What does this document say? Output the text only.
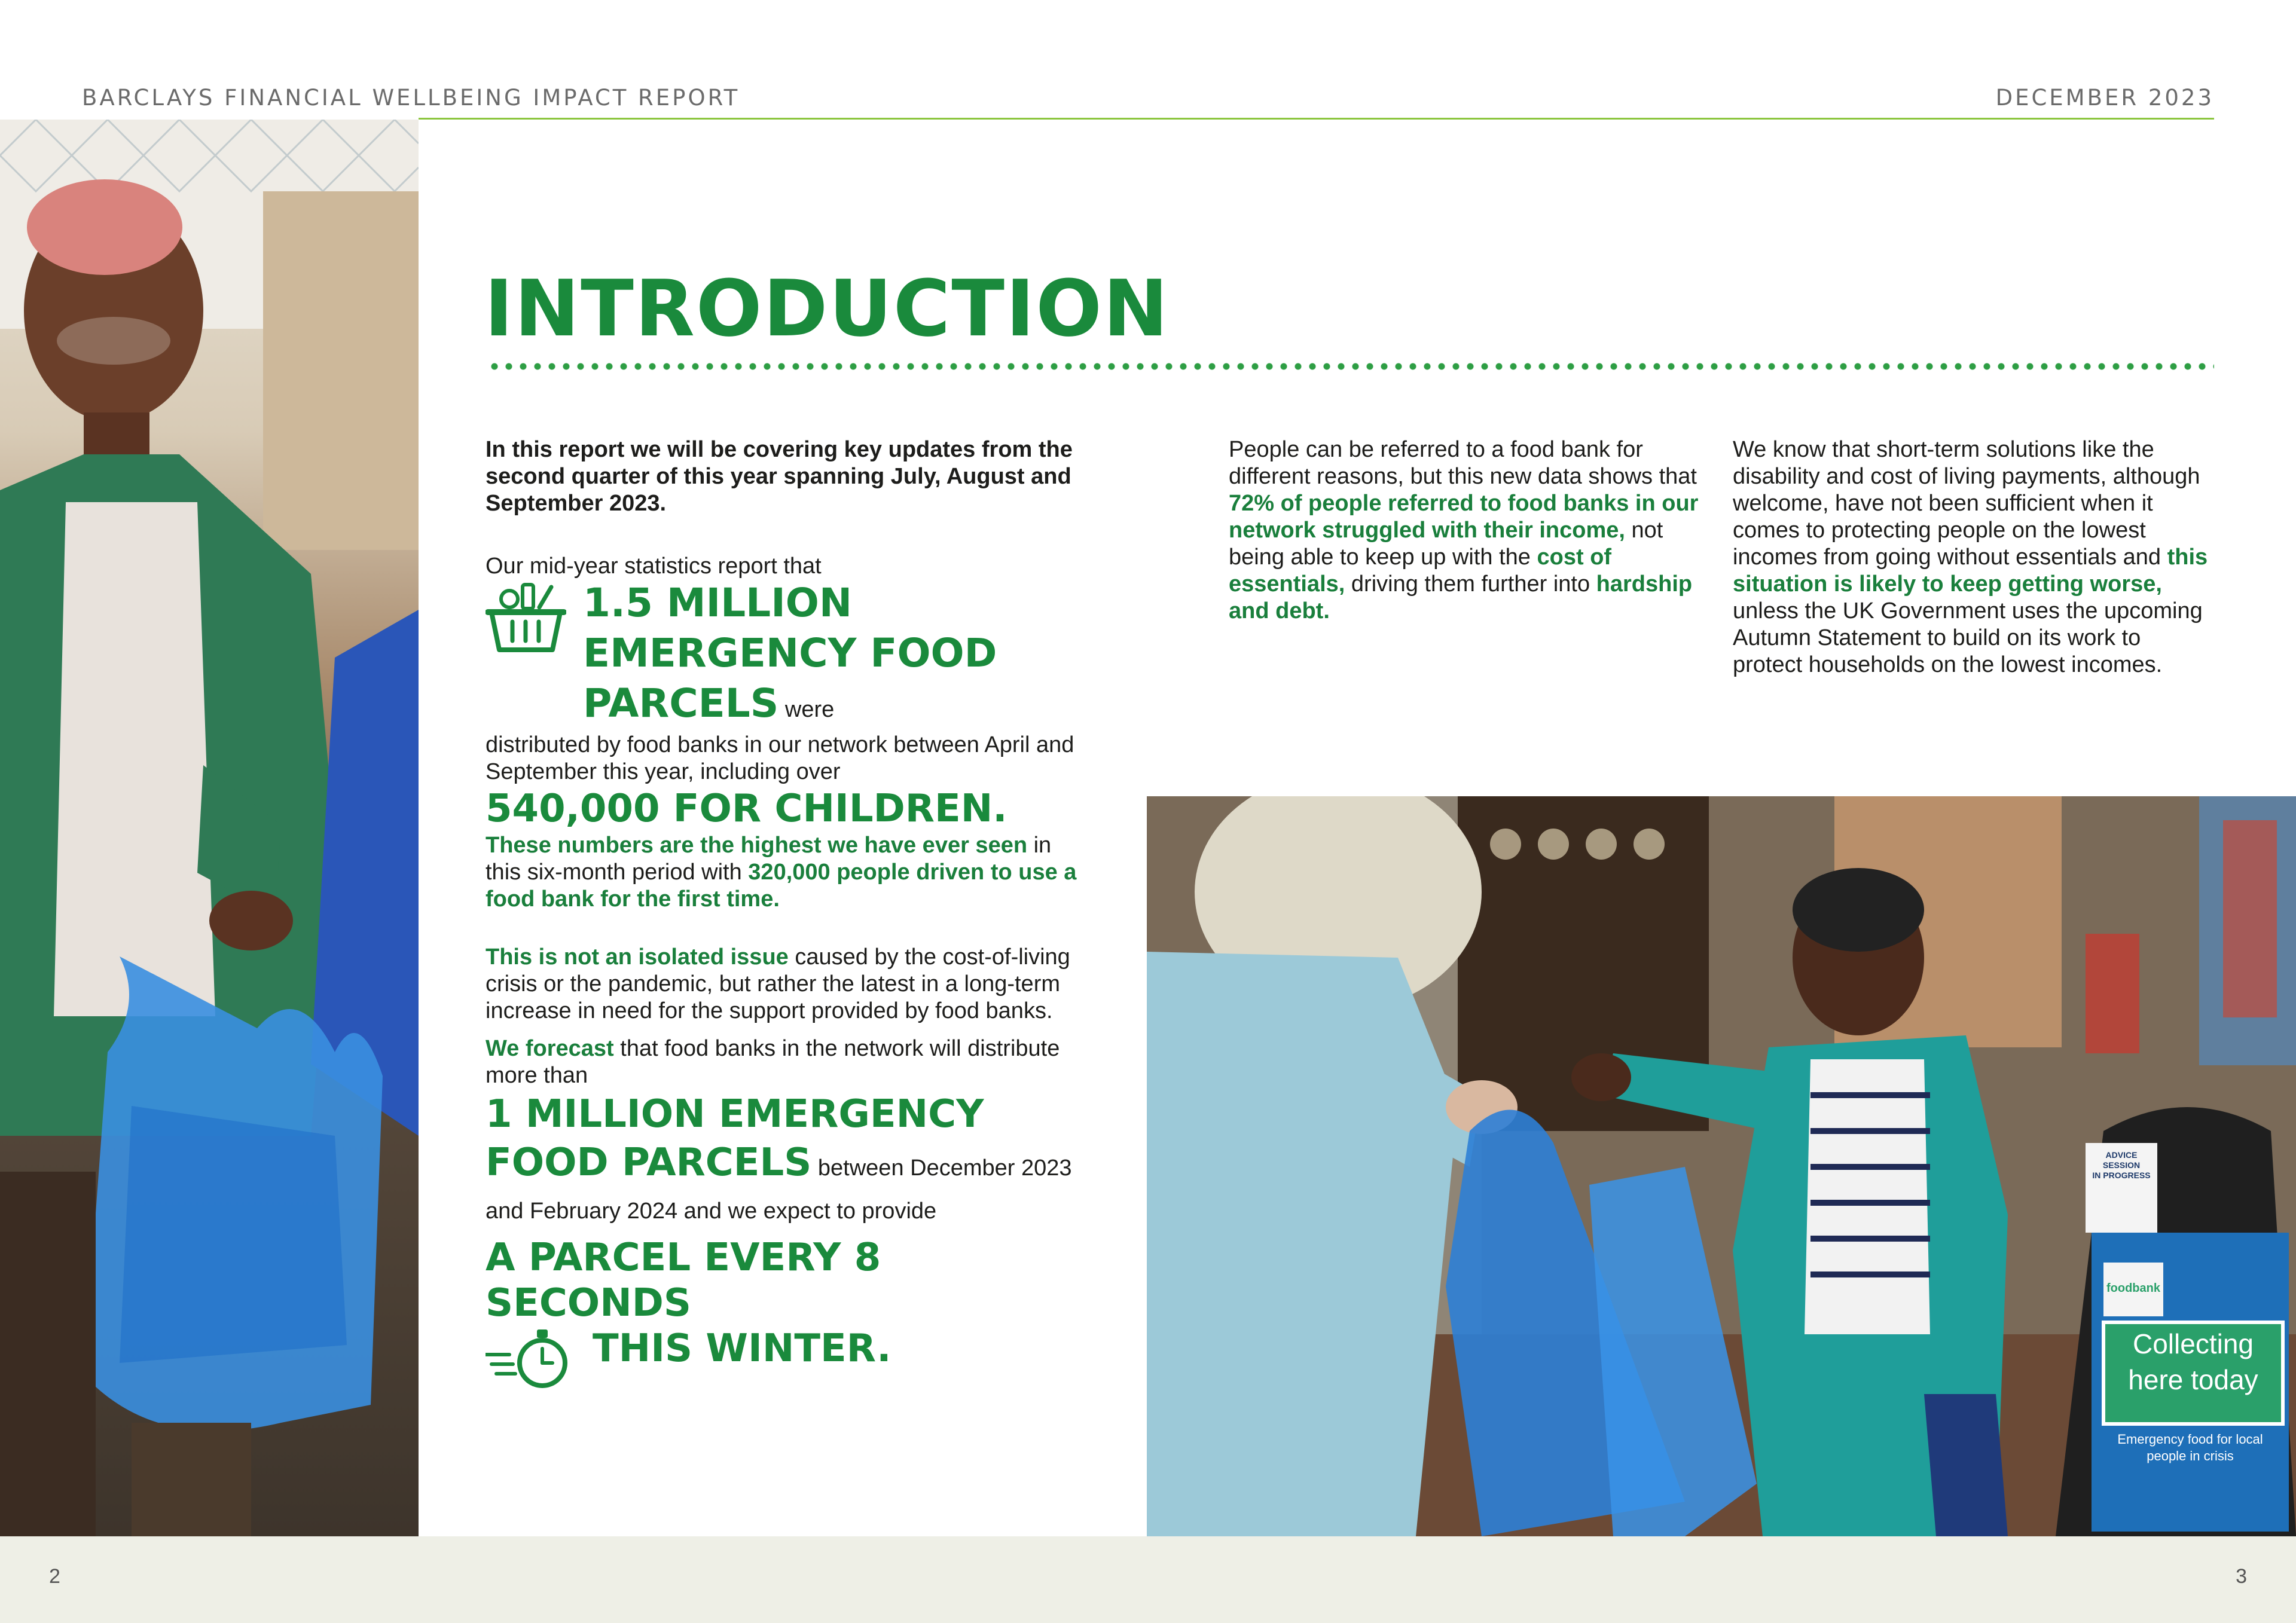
BARCLAYS FINANCIAL WELLBEING IMPACT REPORT	DECEMBER 2023
INTRODUCTION

In this report we will be covering key updates from the second quarter of this year spanning July, August and September 2023.

Our mid-year statistics report that

1.5 MILLION EMERGENCY FOOD PARCELS were

distributed by food banks in our network between April and September this year, including over

540,000 FOR CHILDREN.

These numbers are the highest we have ever seen in this six-month period with 320,000 people driven to use a food bank for the first time.

This is not an isolated issue caused by the cost-of-living crisis or the pandemic, but rather the latest in a long-term increase in need for the support provided by food banks.

We forecast that food banks in the network will distribute more than

1 MILLION EMERGENCY FOOD PARCELS between December 2023 and February 2024 and we expect to provide
A PARCEL EVERY 8 SECONDS
THIS WINTER.

People can be referred to a food bank for different reasons, but this new data shows that 72% of people referred to food banks in our network struggled with their income, not being able to keep up with the cost of essentials, driving them further into hardship and debt.

We know that short-term solutions like the disability and cost of living payments, although welcome, have not been sufficient when it comes to protecting people on the lowest incomes from going without essentials and this situation is likely to keep getting worse, unless the UK Government uses the upcoming Autumn Statement to build on its work to protect households on the lowest incomes.

ADVICE SESSION
IN PROGRESS
foodbank
Collecting
here today
Emergency food for local
people in crisis
2	3
